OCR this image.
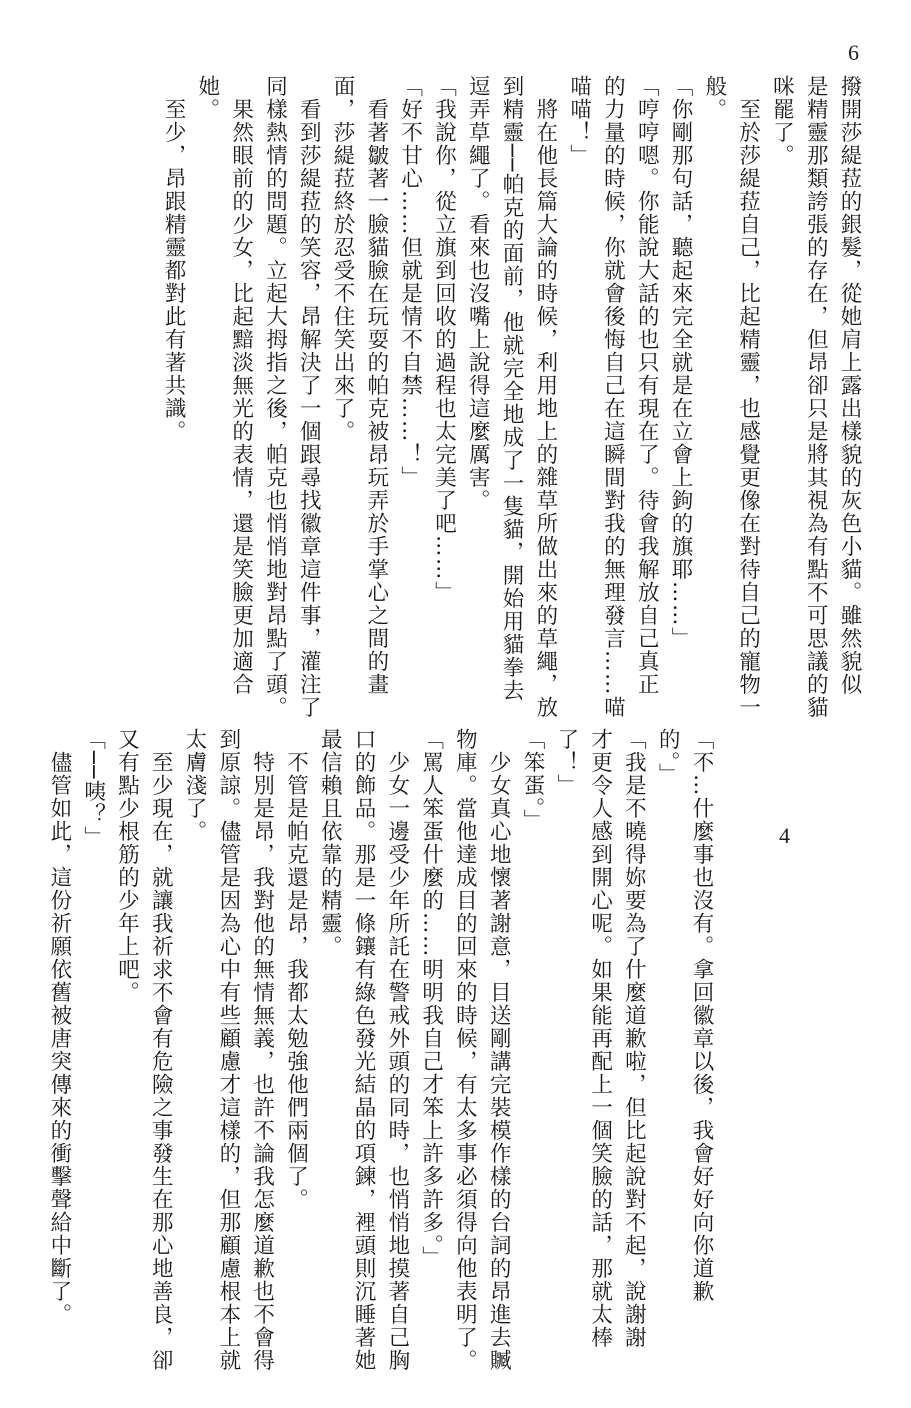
6
撥開莎緹菈的銀髮，從她肩上露出樣貌的灰色小貓。雖然貌似
是精靈那類誇張的存在，但昂卻只是將其視為有點不可思議的貓
咪罷了。
　至於莎緹菈自己，比起精靈，也感覺更像在對待自己的寵物一
般。
「你剛那句話，聽起來完全就是在立會上鉤的旗耶……」
「哼哼嗯。你能說大話的也只有現在了。待會我解放自己真正
的力量的時候，你就會後悔自己在這瞬間對我的無理發言……喵
喵喵！」
　將在他長篇大論的時候，利用地上的雜草所做出來的草繩，放
到精靈──帕克的面前，他就完全地成了一隻貓，開始用貓拳去
逗弄草繩了。看來也沒嘴上說得這麼厲害。
「我說你，從立旗到回收的過程也太完美了吧……」
「好不甘心……但就是情不自禁……！」
　看著皺著一臉貓臉在玩耍的帕克被昂玩弄於手掌心之間的畫
面，莎緹菈終於忍受不住笑出來了。
　看到莎緹菈的笑容，昂解決了一個跟尋找徽章這件事，灌注了
同樣熱情的問題。立起大拇指之後，帕克也悄悄地對昂點了頭。
　果然眼前的少女，比起黯淡無光的表情，還是笑臉更加適合
她。
　至少，昂跟精靈都對此有著共識。
4
「不…什麼事也沒有。拿回徽章以後，我會好好向你道歉
的。」
「我是不曉得妳要為了什麼道歉啦，但比起說對不起，說謝謝
才更令人感到開心呢。如果能再配上一個笑臉的話，那就太棒
了！」
「笨蛋。」
　少女真心地懷著謝意，目送剛講完裝模作樣的台詞的昂進去贓
物庫。當他達成目的回來的時候，有太多事必須得向他表明了。
「罵人笨蛋什麼的……明明我自己才笨上許多許多。」
　少女一邊受少年所託在警戒外頭的同時，也悄悄地摸著自己胸
口的飾品。那是一條鑲有綠色發光結晶的項鍊，裡頭則沉睡著她
最信賴且依靠的精靈。
　不管是帕克還是昂，我都太勉強他們兩個了。
　特別是昂，我對他的無情無義，也許不論我怎麼道歉也不會得
到原諒。儘管是因為心中有些顧慮才這樣的，但那顧慮根本上就
太膚淺了。
　至少現在，就讓我祈求不會有危險之事發生在那心地善良，卻
又有點少根筋的少年上吧。
「──咦？」
　儘管如此，這份祈願依舊被唐突傳來的衝擊聲給中斷了。
